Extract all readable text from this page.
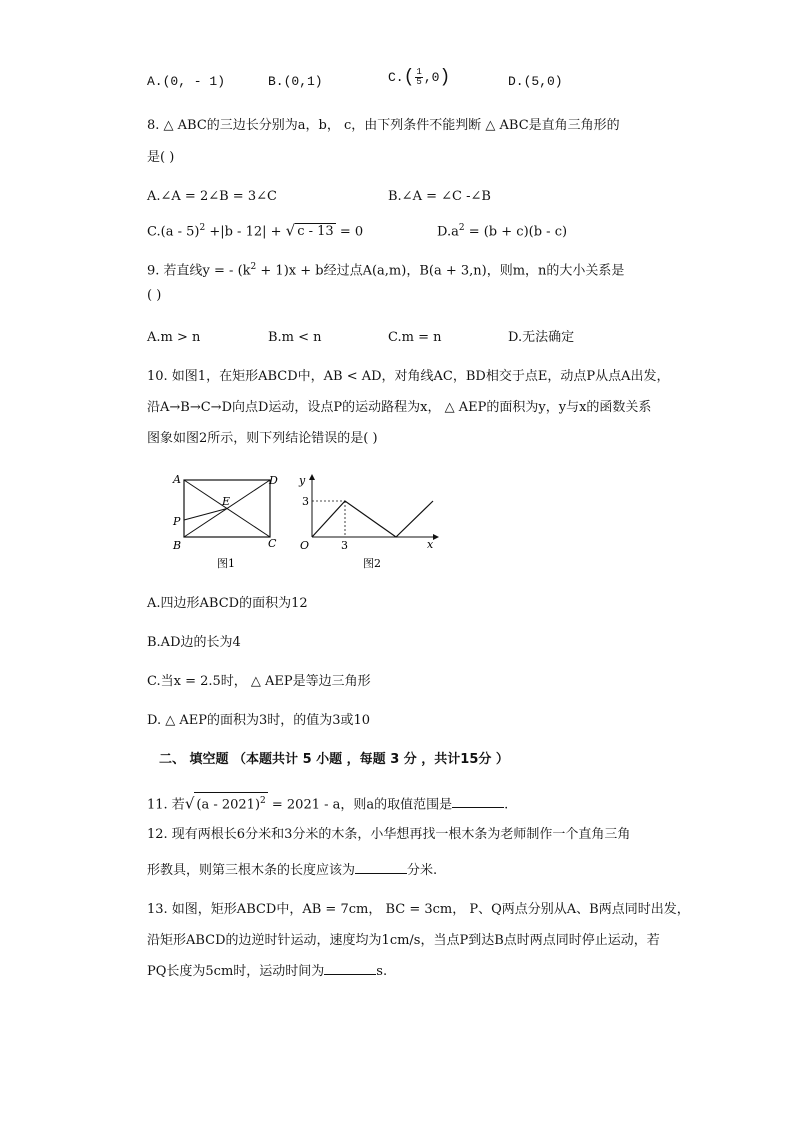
A.(0, - 1)	B.(0,1)	$C.( \frac{1}{5} ,0)$	D.(5,0)
8. △ ABC的三边长分别为a，b， c，由下列条件不能判断 △ ABC是直角三角形的
是( )
A.∠A = 2∠B = 3∠C	B.∠A = ∠C -∠B
C.(a - 5)$^2$ +|b - 12| + √ c - 13 = 0	$D.a^2 = (b + c)(b - c)$
9. 若直线y = - $(k^2 + 1)x + b$经过点A(a,m)，B(a + 3,n)，则m，n的大小关系是
( )
A.m > n	B.m < n	C.m = n	D.无法确定
10. 如图1，在矩形ABCD中，AB < AD，对角线AC，BD相交于点E，动点P从点A出发，
沿A→B→C→D向点D运动，设点P的运动路程为x， △ AEP的面积为y，y与x的函数关系
图象如图2所示，则下列结论错误的是( )
A
B	C
D
E
P
图1
y
x
O
3
3
图2
A.四边形ABCD的面积为12
B.AD边的长为4
C.当x = 2.5时， △ AEP是等边三角形
D. △ AEP的面积为3时，的值为3或10
二、 填空题 （本题共计 5 小题 ，每题 3 分 ，共计15分 ）
11. 若√ (a - 2021)$^2$ = 2021 - a，则a的取值范围是	.
12. 现有两根长6分米和3分米的木条，小华想再找一根木条为老师制作一个直角三角
形教具，则第三根木条的长度应该为	分米.
13. 如图，矩形ABCD中，AB = 7cm， BC = 3cm， P、Q两点分别从A、B两点同时出发，
沿矩形ABCD的边逆时针运动，速度均为1cm/s，当点P到达B点时两点同时停止运动，若
PQ长度为5cm时，运动时间为	s.
